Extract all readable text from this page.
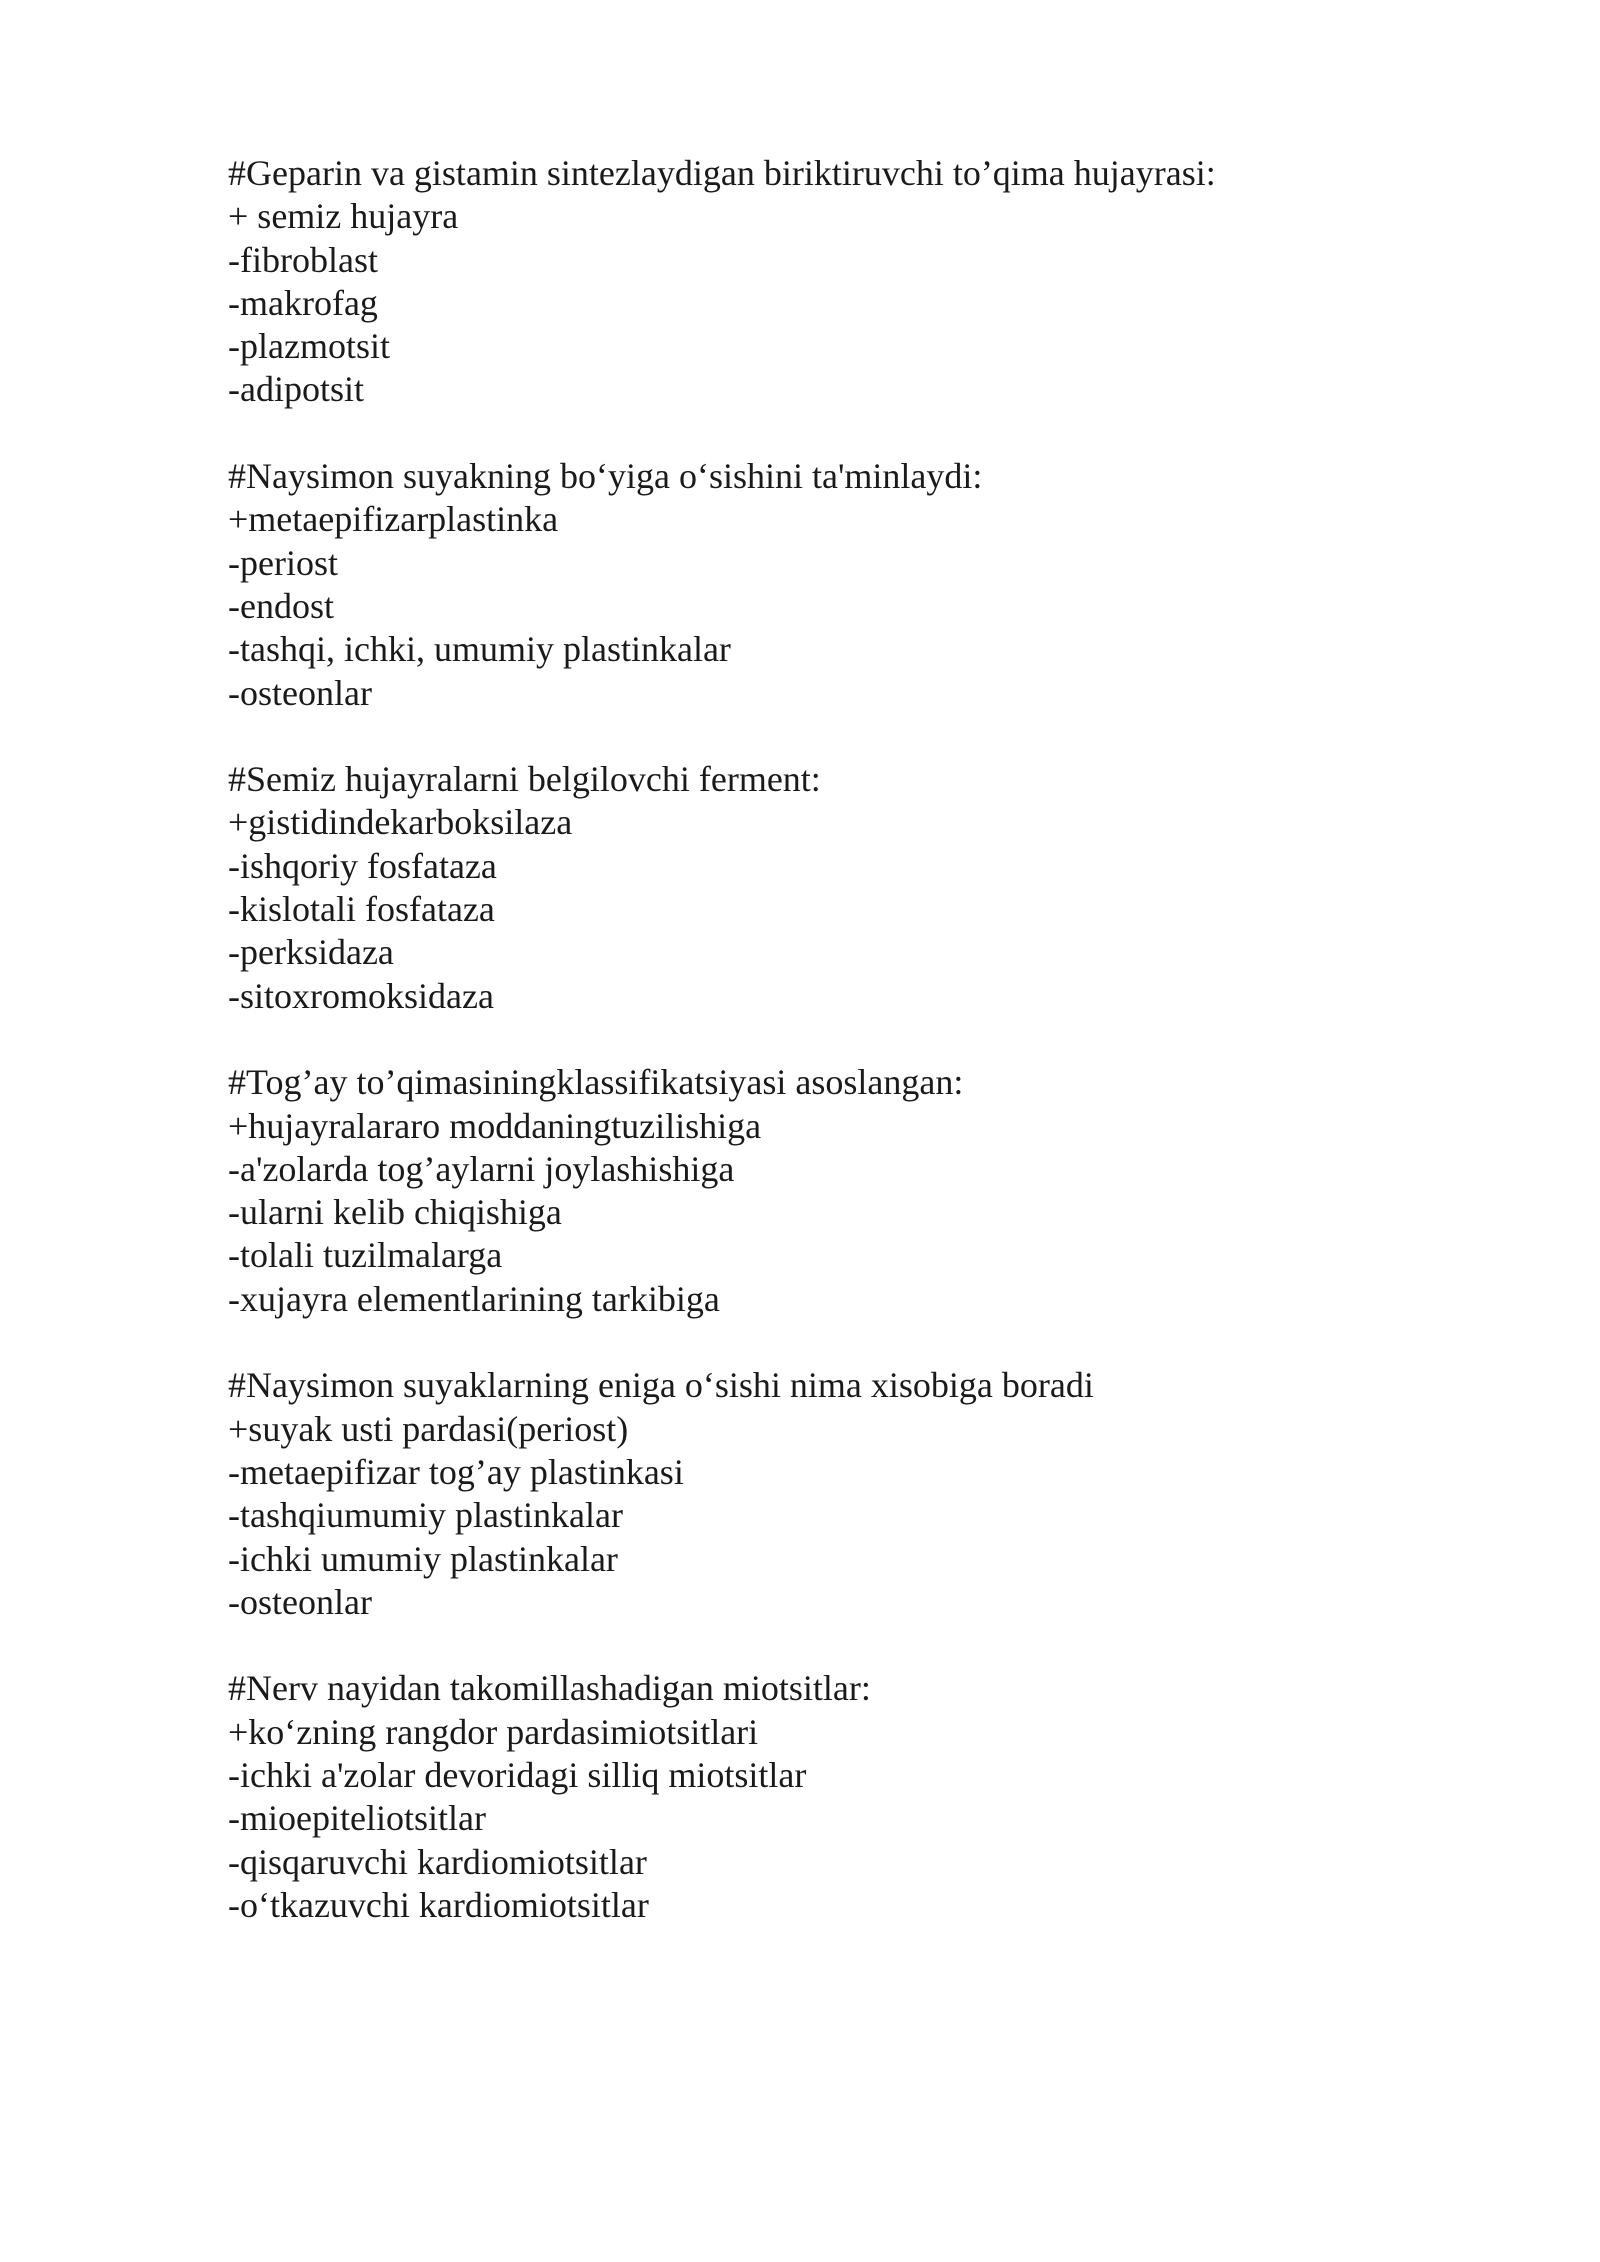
#Geparin va gistamin sintezlaydigan biriktiruvchi to’qima hujayrasi:
+ semiz hujayra
-fibroblast
-makrofag
-plazmotsit
-adipotsit
#Naysimon suyakning bo‘yiga o‘sishini ta'minlaydi:
+metaepifizarplastinka
-periost
-endost
-tashqi, ichki, umumiy plastinkalar
-osteonlar
#Semiz hujayralarni belgilovchi ferment:
+gistidindekarboksilaza
-ishqoriy fosfataza
-kislotali fosfataza
-perksidaza
-sitoxromoksidaza
#Tog’ay to’qimasiningklassifikatsiyasi asoslangan:
+hujayralararo moddaningtuzilishiga
-a'zolarda tog’aylarni joylashishiga
-ularni kelib chiqishiga
-tolali tuzilmalarga
-xujayra elementlarining tarkibiga
#Naysimon suyaklarning eniga o‘sishi nima xisobiga boradi
+suyak usti pardasi(periost)
-metaepifizar tog’ay plastinkasi
-tashqiumumiy plastinkalar
-ichki umumiy plastinkalar
-osteonlar
#Nerv nayidan takomillashadigan miotsitlar:
+ko‘zning rangdor pardasimiotsitlari
-ichki a'zolar devoridagi silliq miotsitlar
-mioepiteliotsitlar
-qisqaruvchi kardiomiotsitlar
-o‘tkazuvchi kardiomiotsitlar
